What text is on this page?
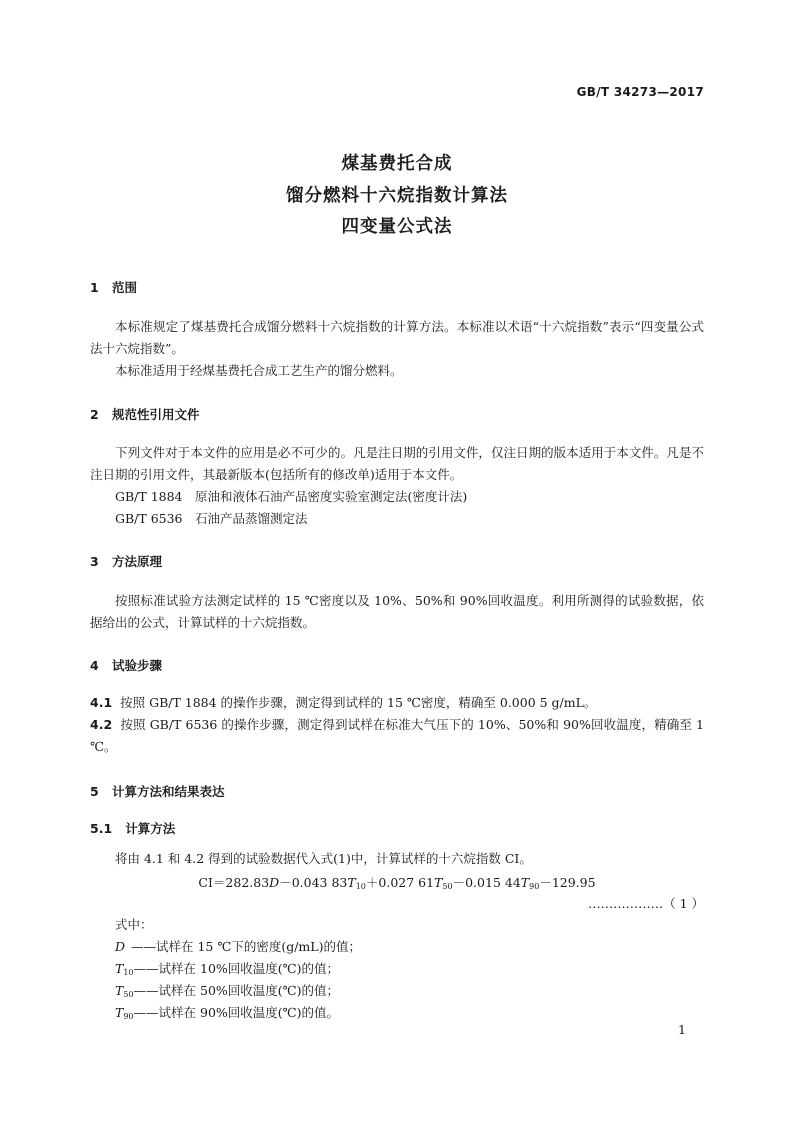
GB/T 34273—2017
煤基费托合成
馏分燃料十六烷指数计算法
四变量公式法
1 范围
本标准规定了煤基费托合成馏分燃料十六烷指数的计算方法。本标准以术语“十六烷指数”表示“四变量公式法十六烷指数”。
本标准适用于经煤基费托合成工艺生产的馏分燃料。
2 规范性引用文件
下列文件对于本文件的应用是必不可少的。凡是注日期的引用文件，仅注日期的版本适用于本文件。凡是不注日期的引用文件，其最新版本(包括所有的修改单)适用于本文件。
GB/T 1884　原油和液体石油产品密度实验室测定法(密度计法)
GB/T 6536　石油产品蒸馏测定法
3 方法原理
按照标准试验方法测定试样的 15 ℃密度以及 10%、50%和 90%回收温度。利用所测得的试验数据，依据给出的公式，计算试样的十六烷指数。
4 试验步骤
4.1 按照 GB/T 1884 的操作步骤，测定得到试样的 15 ℃密度，精确至 0.000 5 g/mL。
4.2 按照 GB/T 6536 的操作步骤，测定得到试样在标准大气压下的 10%、50%和 90%回收温度，精确至 1 ℃。
5 计算方法和结果表达
5.1 计算方法
将由 4.1 和 4.2 得到的试验数据代入式(1)中，计算试样的十六烷指数 CI。
CI＝282.83D－0.043 $83T_{10}+0.027$ $61T_{50}-0.015$ $44T_{90}-129.95$
………………（ 1 ）
式中：
D ——试样在 15 ℃下的密度(g/mL)的值；
$T_{10}——$试样在 10%回收温度(℃)的值；
$T_{50}——$试样在 50%回收温度(℃)的值；
$T_{90}——$试样在 90%回收温度(℃)的值。
1
